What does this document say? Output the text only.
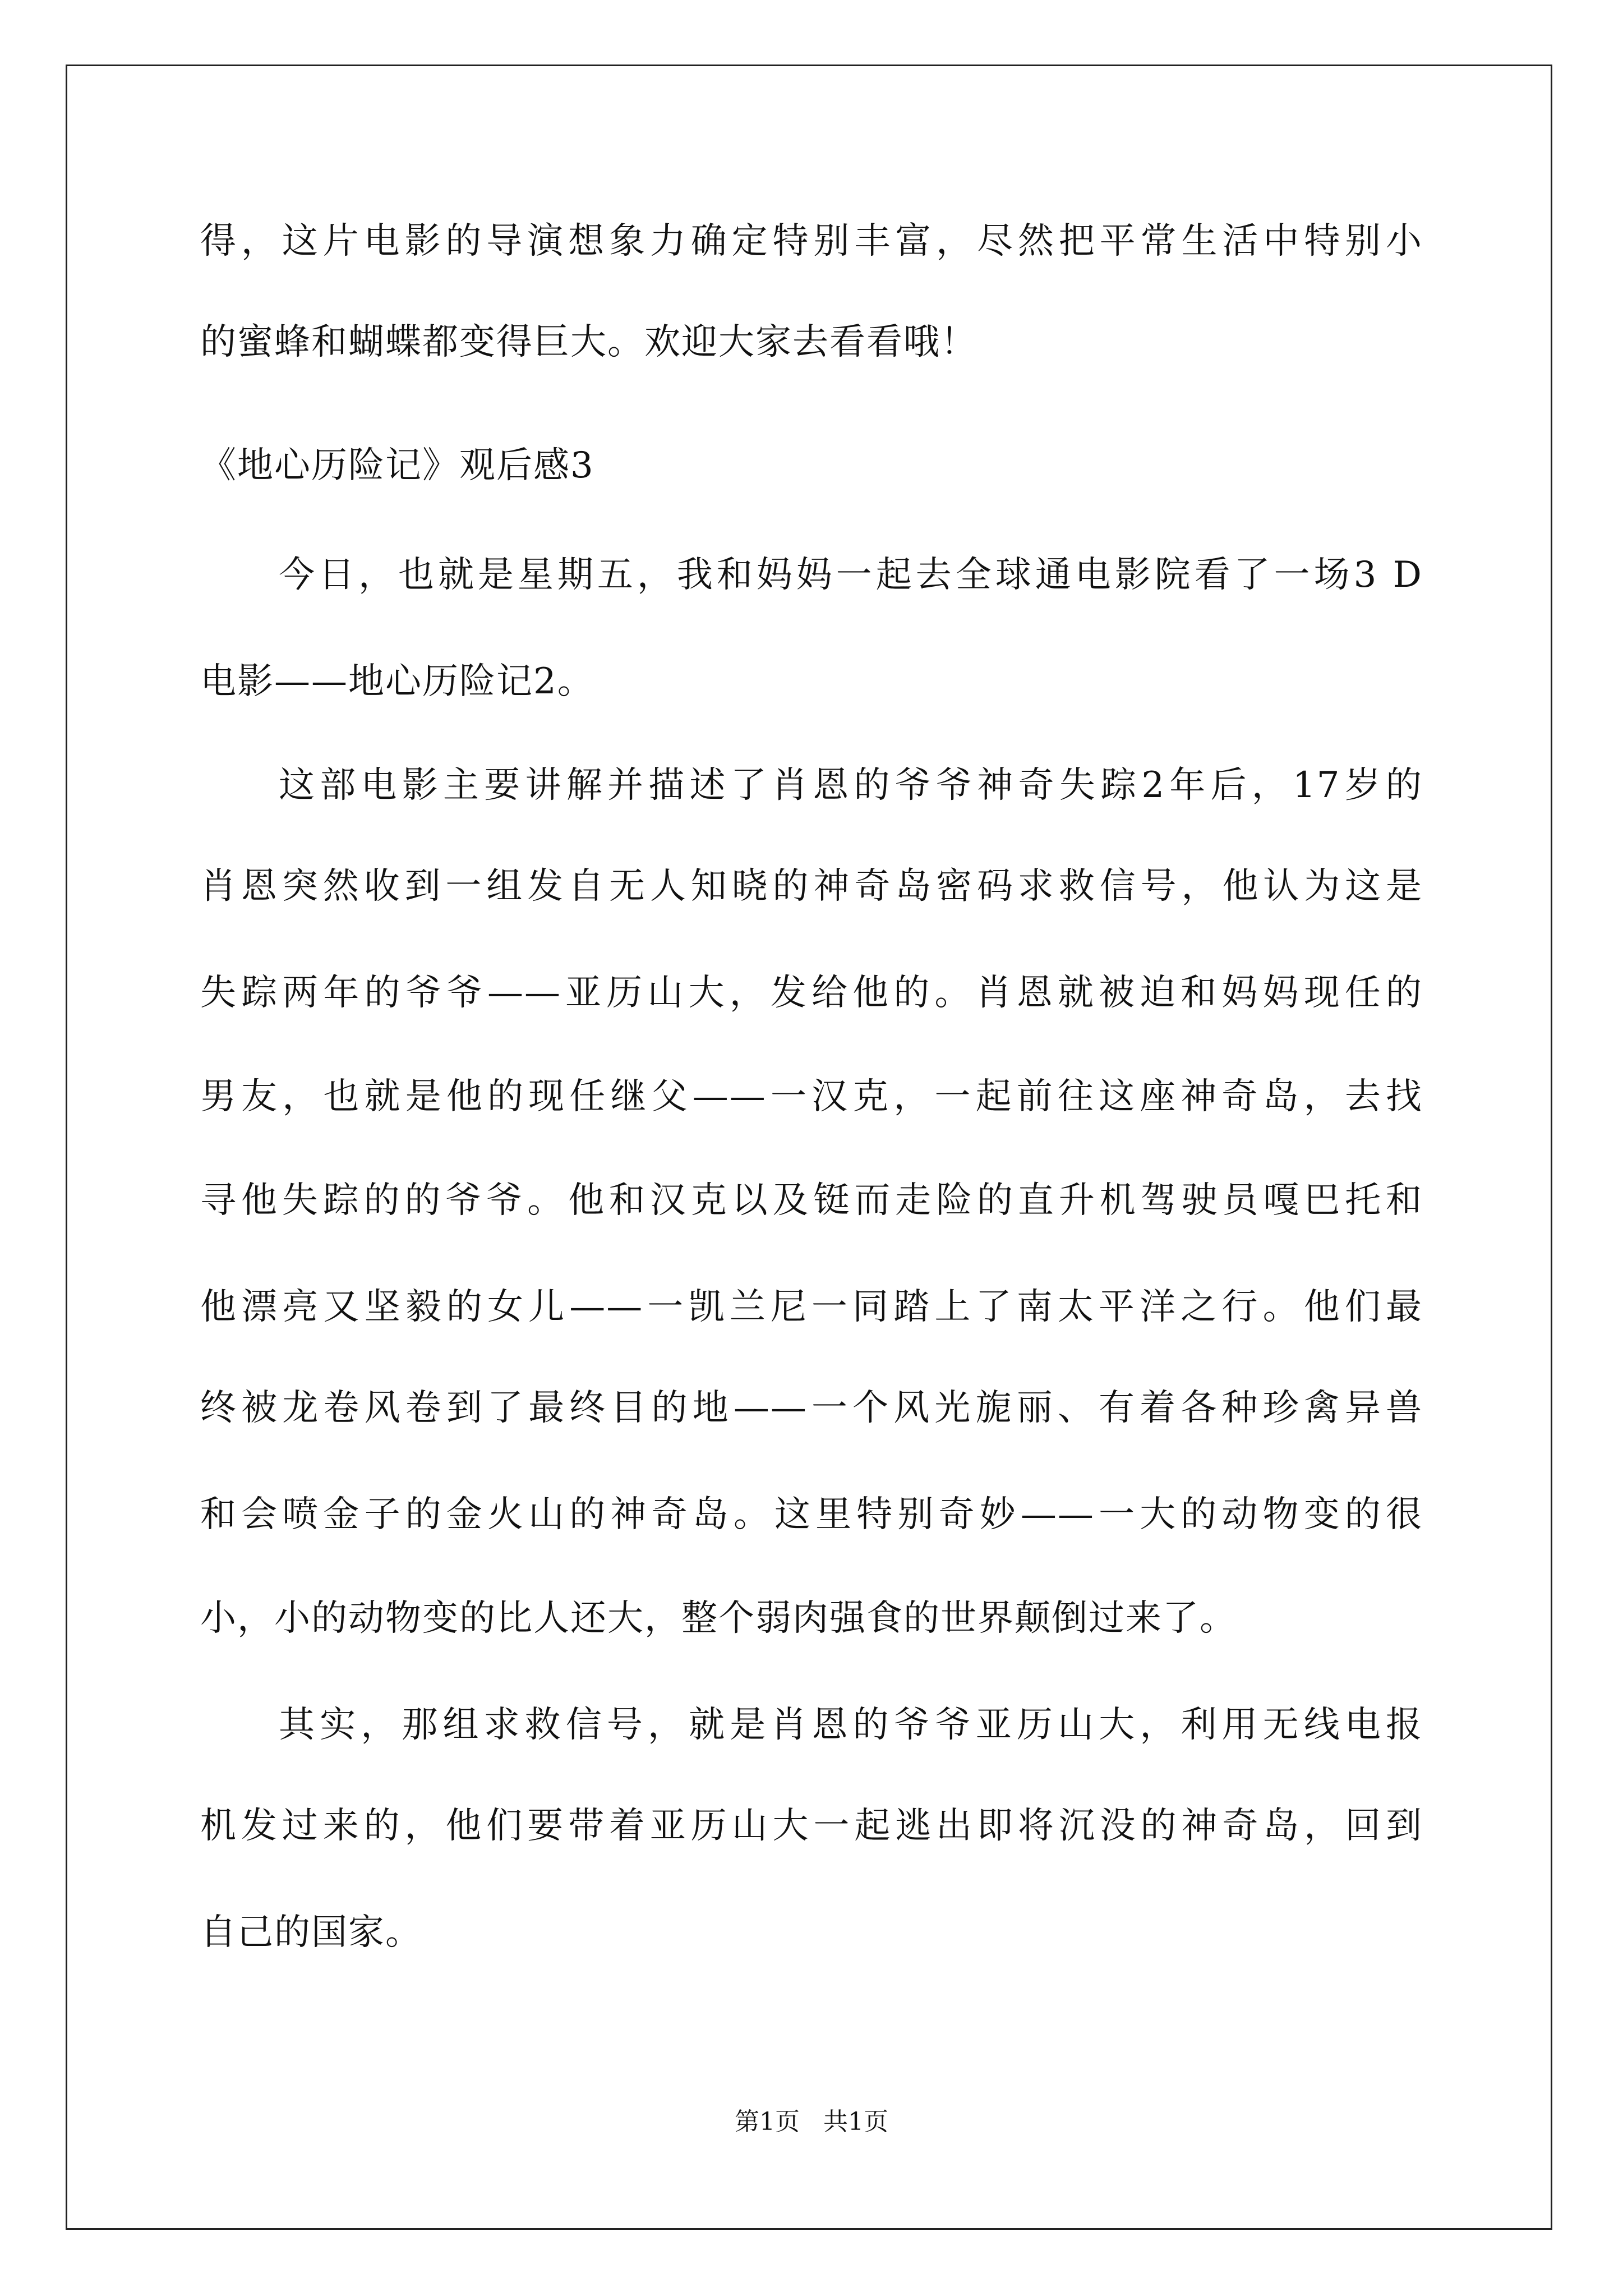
得，这片电影的导演想象力确定特别丰富，尽然把平常生活中特别小
的蜜蜂和蝴蝶都变得巨大。欢迎大家去看看哦！
《地心历险记》观后感3
今日，也就是星期五，我和妈妈一起去全球通电影院看了一场3 D
电影——地心历险记2。
这部电影主要讲解并描述了肖恩的爷爷神奇失踪2年后，17岁的
肖恩突然收到一组发自无人知晓的神奇岛密码求救信号，他认为这是
失踪两年的爷爷——亚历山大，发给他的。肖恩就被迫和妈妈现任的
男友，也就是他的现任继父——一汉克，一起前往这座神奇岛，去找
寻他失踪的的爷爷。他和汉克以及铤而走险的直升机驾驶员嘎巴托和
他漂亮又坚毅的女儿——一凯兰尼一同踏上了南太平洋之行。他们最
终被龙卷风卷到了最终目的地——一个风光旎丽、有着各种珍禽异兽
和会喷金子的金火山的神奇岛。这里特别奇妙——一大的动物变的很
小，小的动物变的比人还大，整个弱肉强食的世界颠倒过来了。
其实，那组求救信号，就是肖恩的爷爷亚历山大，利用无线电报
机发过来的，他们要带着亚历山大一起逃出即将沉没的神奇岛，回到
自己的国家。
第1页 共1页
